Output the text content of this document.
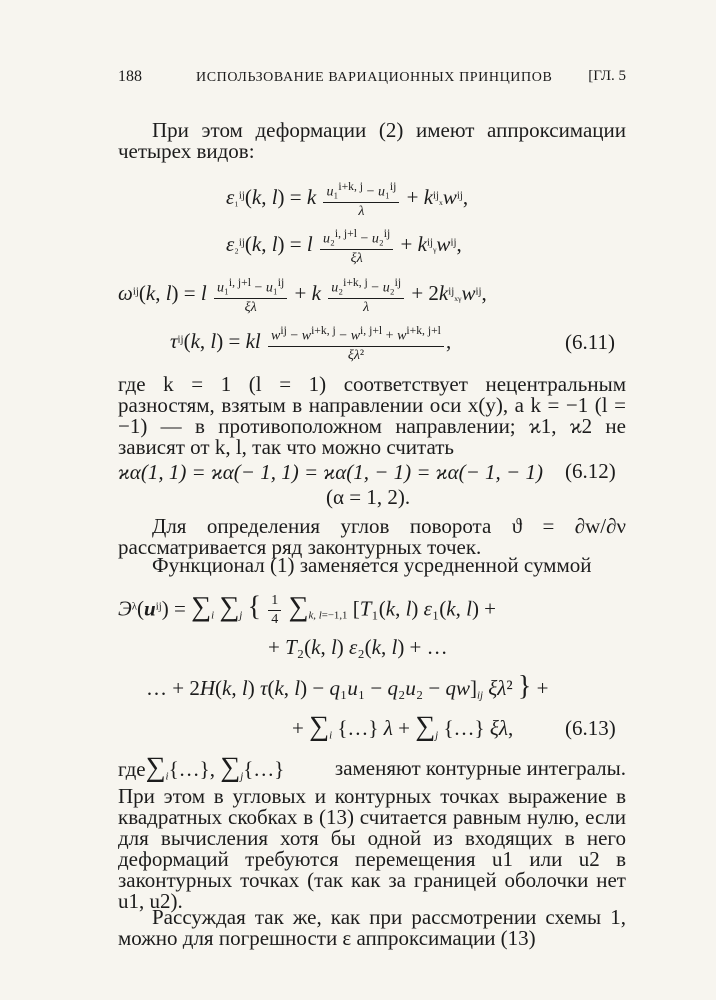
188	ИСПОЛЬЗОВАНИЕ ВАРИАЦИОННЫХ ПРИНЦИПОВ [ГЛ. 5
При этом деформации (2) имеют аппроксимации четырех видов:
ε₁$^{ij}$(k, l) = k $\frac{u_1^{i+k, j} - u_1^{ij}}{\lambda} + k^{ij}_xw^{ij}$,
ε₂$^{ij}$(k, l) = l $\frac{u_2^{i, j+l} - u_2^{ij}}{\xi\lambda}$ + $k^{ij}ᵧw^{ij}$,
$\omega^{ij}(k$, l) = l $\frac{u_1^{i, j+l} - u_1^{ij}}{\xi\lambda} + k \frac{u_2^{i+k, j} - u_2^{ij}}{\lambda}$ + $2k^{ij}_xᵧw^{ij}$,
$\tau^{ij}(k$, l) = kl $\frac{w^{ij} - w^{i+k, j} - w^{i, j+l} + w^{i+k, j+l}}{\text{ξλ²}}$ ,	(6.11)
где k = 1 (l = 1) соответствует нецентральным разностям, взятым в направлении оси x(y), а k = −1 (l = −1) — в противоположном направлении; ϰ1, ϰ2 не зависят от k, l, так что можно считать
ϰα(1, 1) = ϰα(− 1, 1) = ϰα(1, − 1) = ϰα(− 1, − 1) (6.12)
(α = 1, 2).
Для определения углов поворота ϑ = ∂w/∂ν рассматривается ряд законтурных точек.
Функционал (1) заменяется усредненной суммой
$Э^\lambda(u^{ij}) = \sum_i$ $\sum_j$ { $\frac{1}{4} \sum_{k, l=-1,1}$ [T₁(k, l) ε₁(k, l) +
+ T₂(k, l) ε₂(k, l) + …
… + 2H(k, l) τ(k, $l) - q_1u_1 - q_2u_2 - qw]_{ij}$ ξλ² } +
+ $\sum_i$ {…} $\lambda + \sum_j$ {…} ξλ, (6.13)
$где\sum_i\{\dots\}$, $\sum_j\{\dots\}$ заменяют контурные интегралы.
При этом в угловых и контурных точках выражение в квадратных скобках в (13) считается равным нулю, если для вычисления хотя бы одной из входящих в него деформаций требуются перемещения u1 или u2 в законтурных точках (так как за границей оболочки нет u1, u2).
Рассуждая так же, как при рассмотрении схемы 1, можно для погрешности ε аппроксимации (13)
